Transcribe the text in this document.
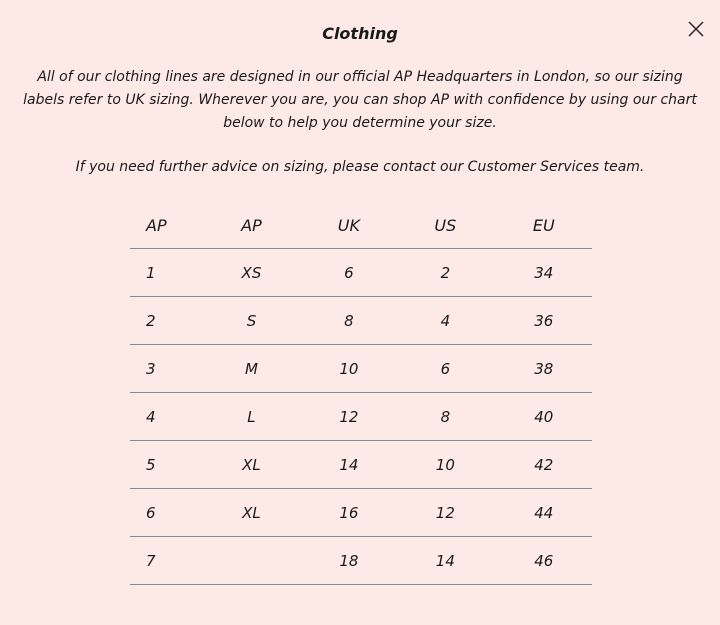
Clothing

All of our clothing lines are designed in our official AP Headquarters in London, so our sizing labels refer to UK sizing. Wherever you are, you can shop AP with confidence by using our chart below to help you determine your size.

If you need further advice on sizing, please contact our Customer Services team.

AP	AP	UK	US	EU
1	XS	6	2	34
2	S	8	4	36
3	M	10	6	38
4	L	12	8	40
5	XL	14	10	42
6	XL	16	12	44
7		18	14	46
